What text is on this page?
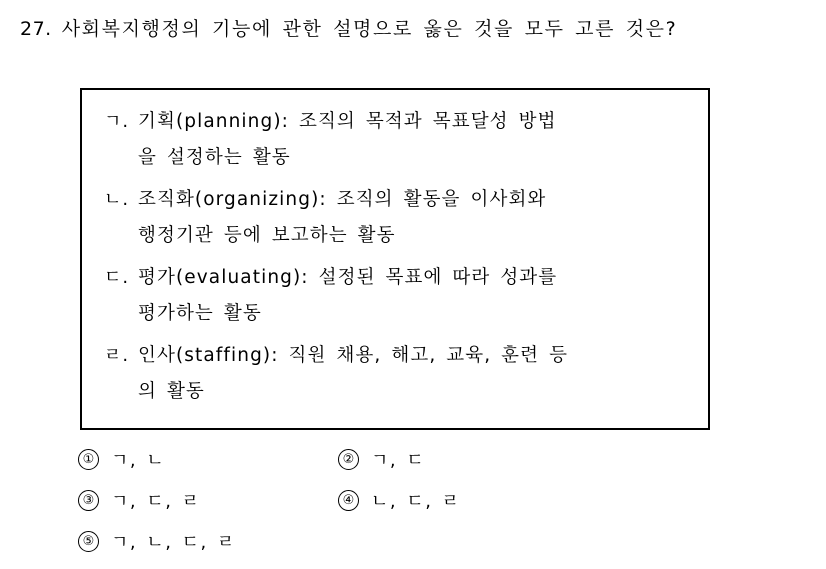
27. 사회복지행정의 기능에 관한 설명으로 옳은 것을 모두 고른 것은?
ㄱ. 기획(planning): 조직의 목적과 목표달성 방법
을 설정하는 활동
ㄴ. 조직화(organizing): 조직의 활동을 이사회와
행정기관 등에 보고하는 활동
ㄷ. 평가(evaluating): 설정된 목표에 따라 성과를
평가하는 활동
ㄹ. 인사(staffing): 직원 채용, 해고, 교육, 훈련 등
의 활동
① ㄱ, ㄴ	② ㄱ, ㄷ
③ ㄱ, ㄷ, ㄹ	④ ㄴ, ㄷ, ㄹ
⑤ ㄱ, ㄴ, ㄷ, ㄹ
